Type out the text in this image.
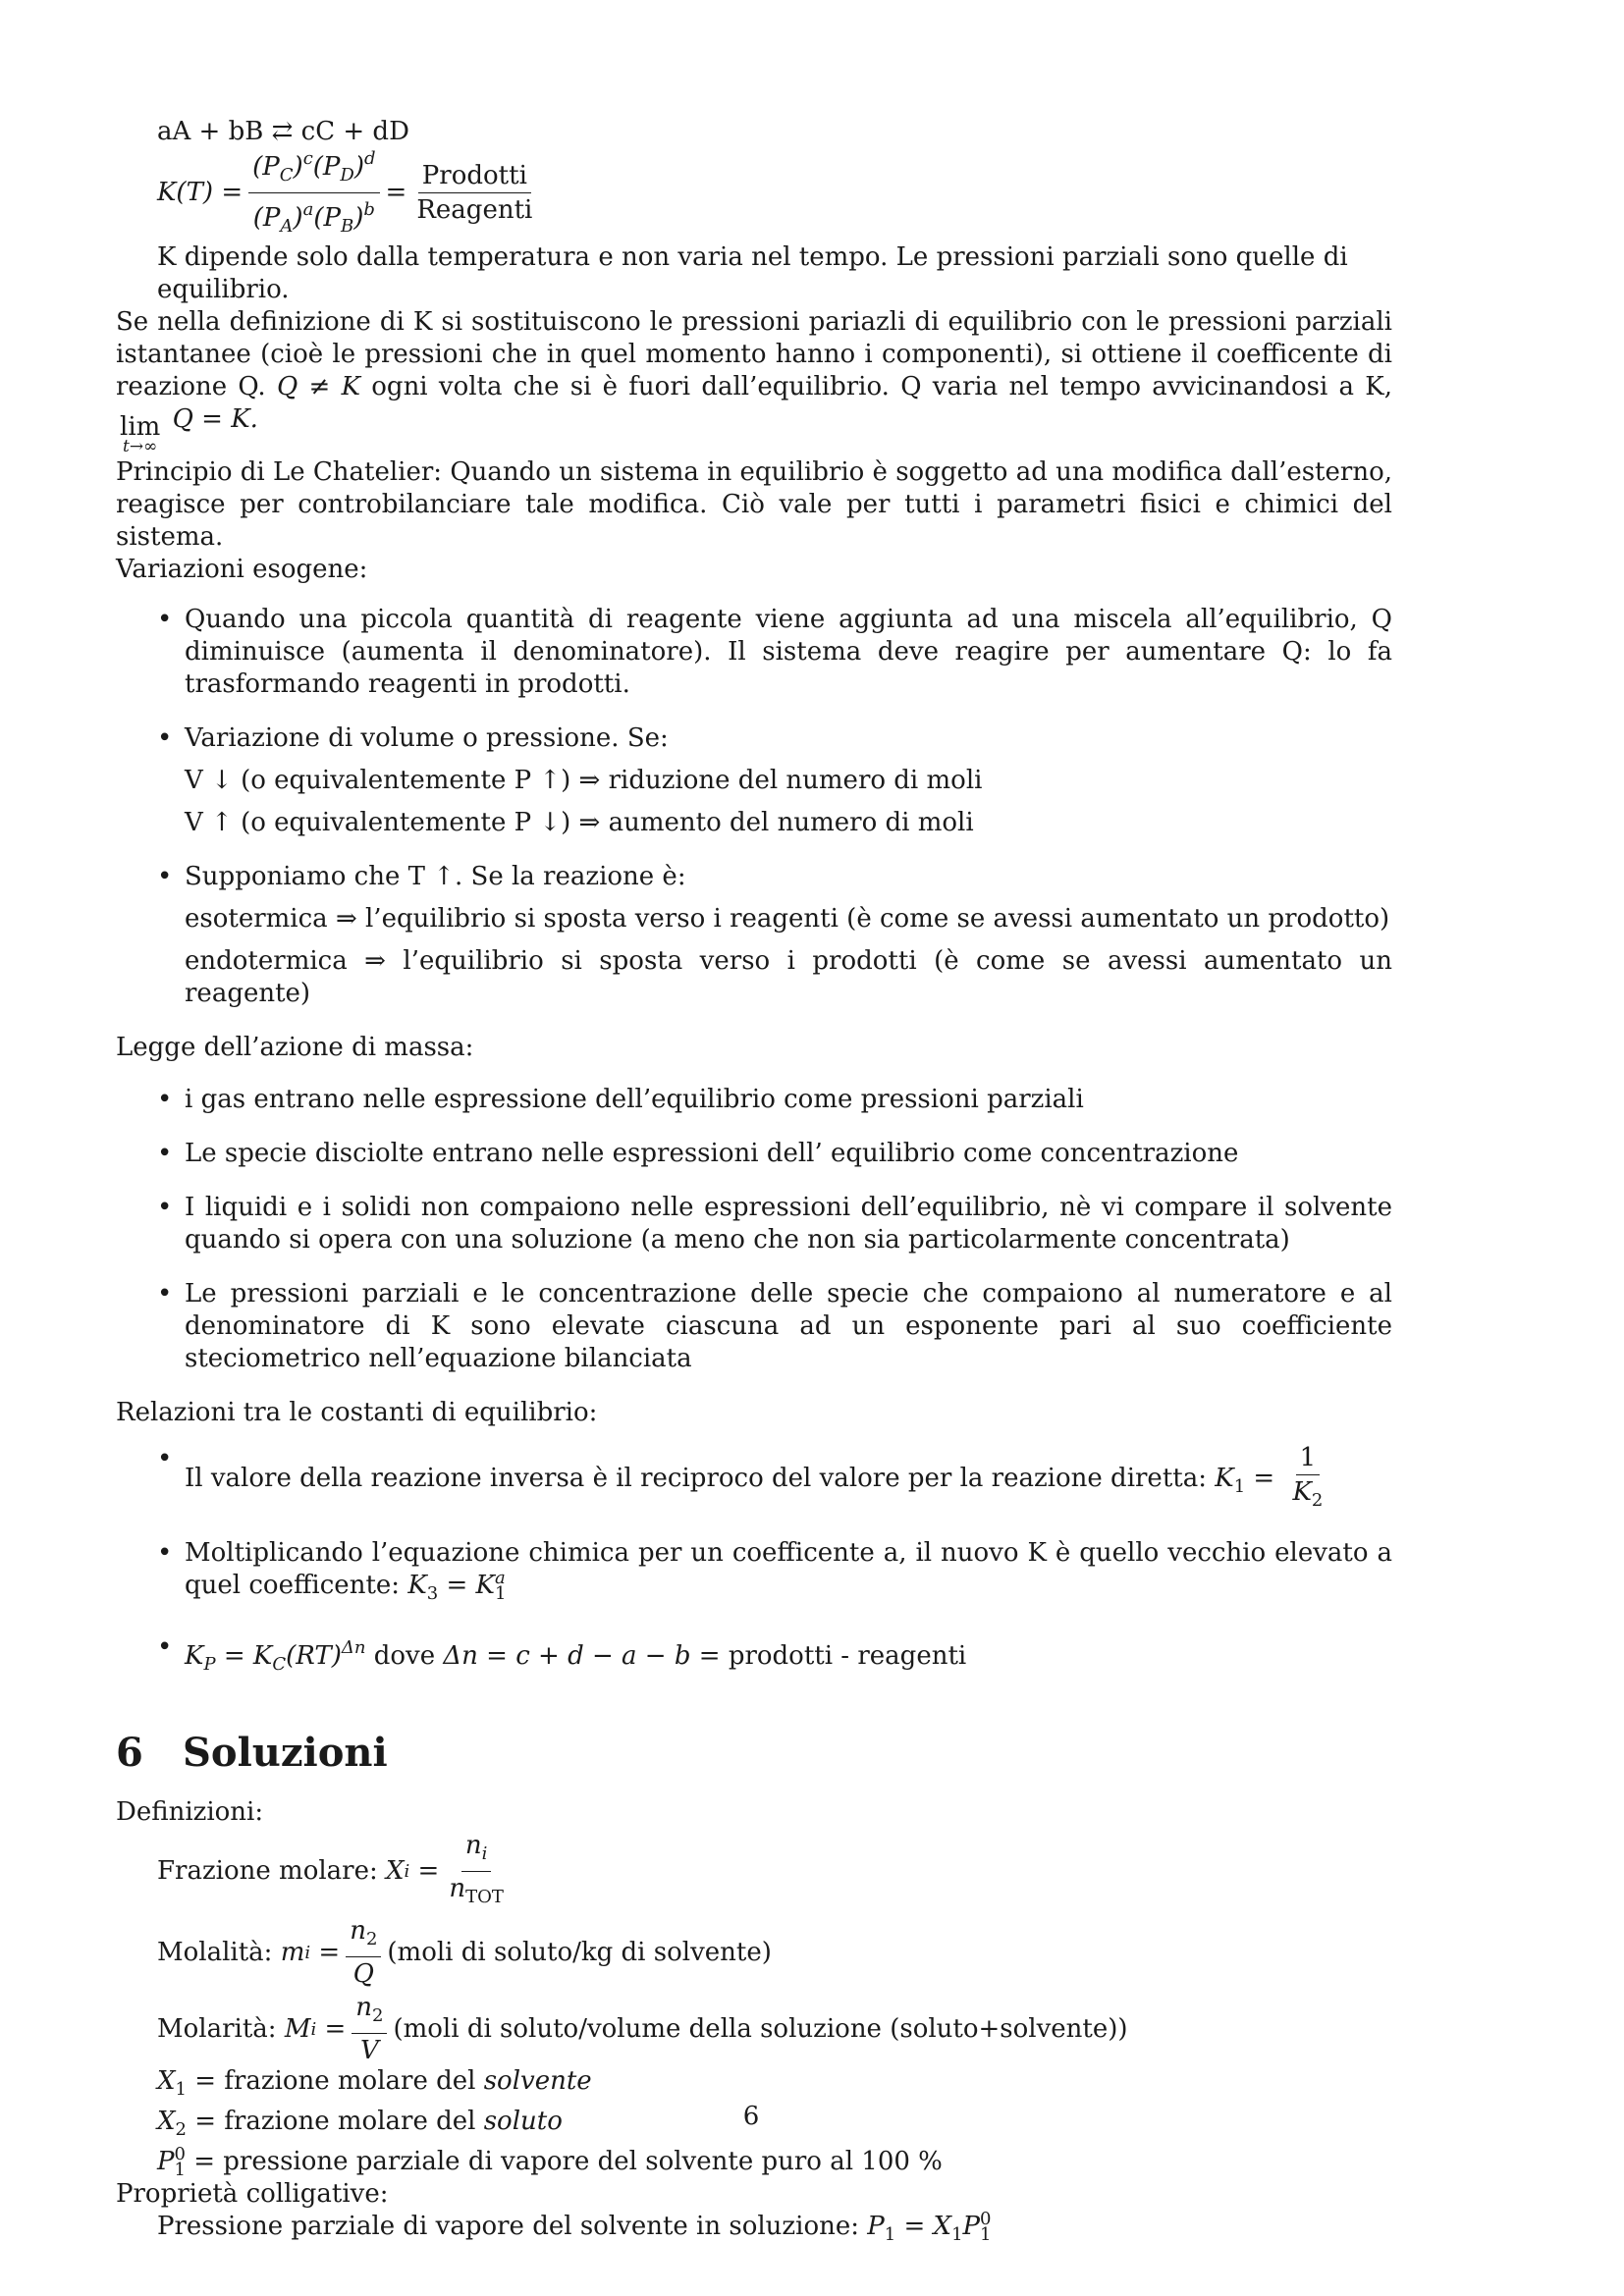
aA + bB ⇄ cC + dD
$K(T) = \frac{(P_C)^c(P_D)^d}{(P_A)^a(P_B)^b} = \frac{\text{Prodotti}}{\text{Reagenti}}$
K dipende solo dalla temperatura e non varia nel tempo. Le pressioni parziali sono quelle di equilibrio.
Se nella definizione di K si sostituiscono le pressioni pariazli di equilibrio con le pressioni parziali istantanee (cioè le pressioni che in quel momento hanno i componenti), si ottiene il coefficente di reazione Q. Q ≠ K ogni volta che si è fuori dall’equilibrio. Q varia nel tempo avvicinandosi a K,
lim
t→∞
Q = K.
Principio di Le Chatelier: Quando un sistema in equilibrio è soggetto ad una modifica dall’esterno, reagisce per controbilanciare tale modifica. Ciò vale per tutti i parametri fisici e chimici del sistema.
Variazioni esogene:
• Quando una piccola quantità di reagente viene aggiunta ad una miscela all’equilibrio, Q diminuisce (aumenta il denominatore). Il sistema deve reagire per aumentare Q: lo fa trasformando reagenti in prodotti.
• Variazione di volume o pressione. Se:
V ↓ (o equivalentemente P ↑) ⇒ riduzione del numero di moli
V ↑ (o equivalentemente P ↓) ⇒ aumento del numero di moli
• Supponiamo che T ↑. Se la reazione è:
esotermica ⇒ l’equilibrio si sposta verso i reagenti (è come se avessi aumentato un prodotto)
endotermica ⇒ l’equilibrio si sposta verso i prodotti (è come se avessi aumentato un reagente)
Legge dell’azione di massa:
• i gas entrano nelle espressione dell’equilibrio come pressioni parziali
• Le specie disciolte entrano nelle espressioni dell’ equilibrio come concentrazione
• I liquidi e i solidi non compaiono nelle espressioni dell’equilibrio, nè vi compare il solvente quando si opera con una soluzione (a meno che non sia particolarmente concentrata)
• Le pressioni parziali e le concentrazione delle specie che compaiono al numeratore e al denominatore di K sono elevate ciascuna ad un esponente pari al suo coefficiente steciometrico nell’equazione bilanciata
Relazioni tra le costanti di equilibrio:
• Il valore della reazione inversa è il reciproco del valore per la reazione diretta: $K_1 = \frac{1}{K_2}$
• Moltiplicando l’equazione chimica per un coefficente a, il nuovo K è quello vecchio elevato a quel coefficente: $K_3 = K$ a
1
• $K_P = K_C(RT)^{\Delta n}$ dove Δn = c + d − a − b = prodotti - reagenti
6 Soluzioni
Definizioni:
Frazione molare:
X $i = \frac{n_i}{n_{TOT}}$
Molalità:
m $i = \frac{n_2}{Q}$ (moli di soluto/kg di solvente)
Molarità:
M $i = \frac{n_2}{V}$ (moli di soluto/volume della soluzione (soluto+solvente))
$X_1$ = frazione molare del solvente
$X_2$ = frazione molare del soluto
P 0
1 = pressione parziale di vapore del solvente puro al 100 %
Proprietà colligative:
Pressione parziale di vapore del solvente in soluzione: $P_1 = X_1P$ 0
1
6
